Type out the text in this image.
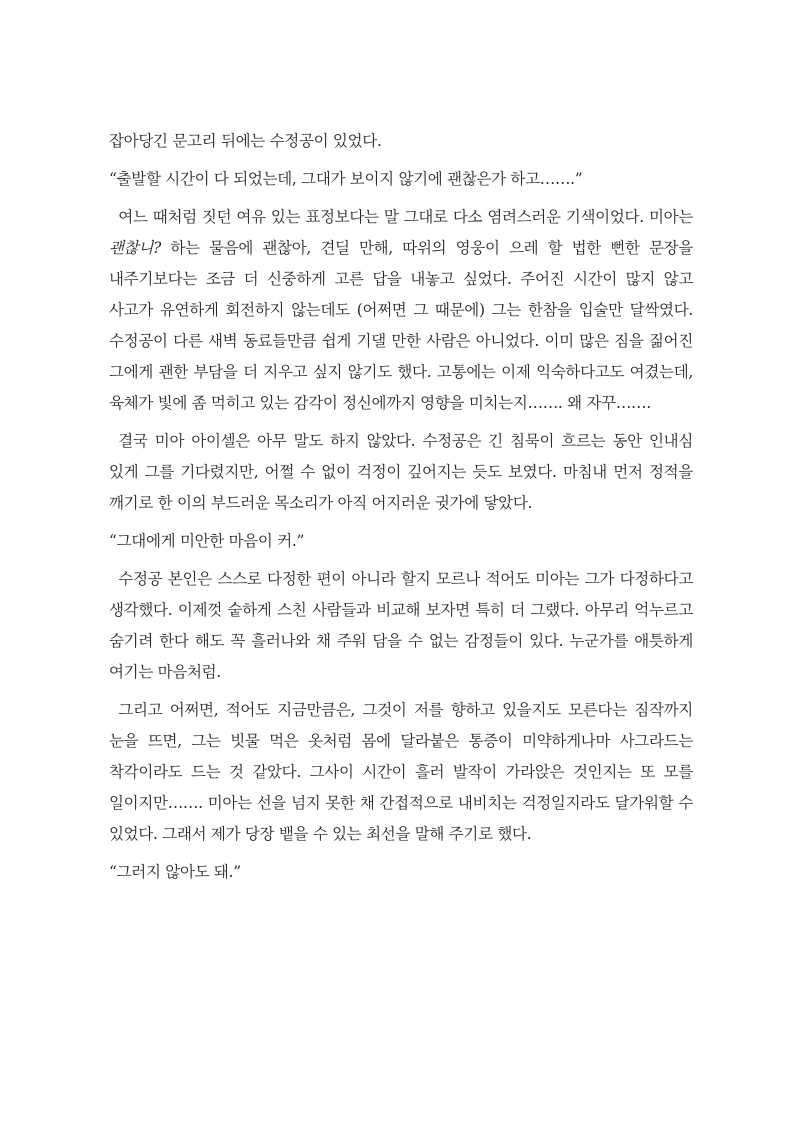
잡아당긴 문고리 뒤에는 수정공이 있었다.

“출발할 시간이 다 되었는데, 그대가 보이지 않기에 괜찮은가 하고…….”

여느 때처럼 짓던 여유 있는 표정보다는 말 그대로 다소 염려스러운 기색이었다. 미아는 괜찮니? 하는 물음에 괜찮아, 견딜 만해, 따위의 영웅이 으레 할 법한 뻔한 문장을 내주기보다는 조금 더 신중하게 고른 답을 내놓고 싶었다. 주어진 시간이 많지 않고 사고가 유연하게 회전하지 않는데도 (어쩌면 그 때문에) 그는 한참을 입술만 달싹였다. 수정공이 다른 새벽 동료들만큼 쉽게 기댈 만한 사람은 아니었다. 이미 많은 짐을 짊어진 그에게 괜한 부담을 더 지우고 싶지 않기도 했다. 고통에는 이제 익숙하다고도 여겼는데, 육체가 빛에 좀 먹히고 있는 감각이 정신에까지 영향을 미치는지……. 왜 자꾸…….

결국 미아 아이셀은 아무 말도 하지 않았다. 수정공은 긴 침묵이 흐르는 동안 인내심 있게 그를 기다렸지만, 어쩔 수 없이 걱정이 깊어지는 듯도 보였다. 마침내 먼저 정적을 깨기로 한 이의 부드러운 목소리가 아직 어지러운 귓가에 닿았다.

“그대에게 미안한 마음이 커.”

수정공 본인은 스스로 다정한 편이 아니라 할지 모르나 적어도 미아는 그가 다정하다고 생각했다. 이제껏 숱하게 스친 사람들과 비교해 보자면 특히 더 그랬다. 아무리 억누르고 숨기려 한다 해도 꼭 흘러나와 채 주워 담을 수 없는 감정들이 있다. 누군가를 애틋하게 여기는 마음처럼.

그리고 어쩌면, 적어도 지금만큼은, 그것이 저를 향하고 있을지도 모른다는 짐작까지 눈을 뜨면, 그는 빗물 먹은 옷처럼 몸에 달라붙은 통증이 미약하게나마 사그라드는 착각이라도 드는 것 같았다. 그사이 시간이 흘러 발작이 가라앉은 것인지는 또 모를 일이지만……. 미아는 선을 넘지 못한 채 간접적으로 내비치는 걱정일지라도 달가워할 수 있었다. 그래서 제가 당장 뱉을 수 있는 최선을 말해 주기로 했다.

“그러지 않아도 돼.”
